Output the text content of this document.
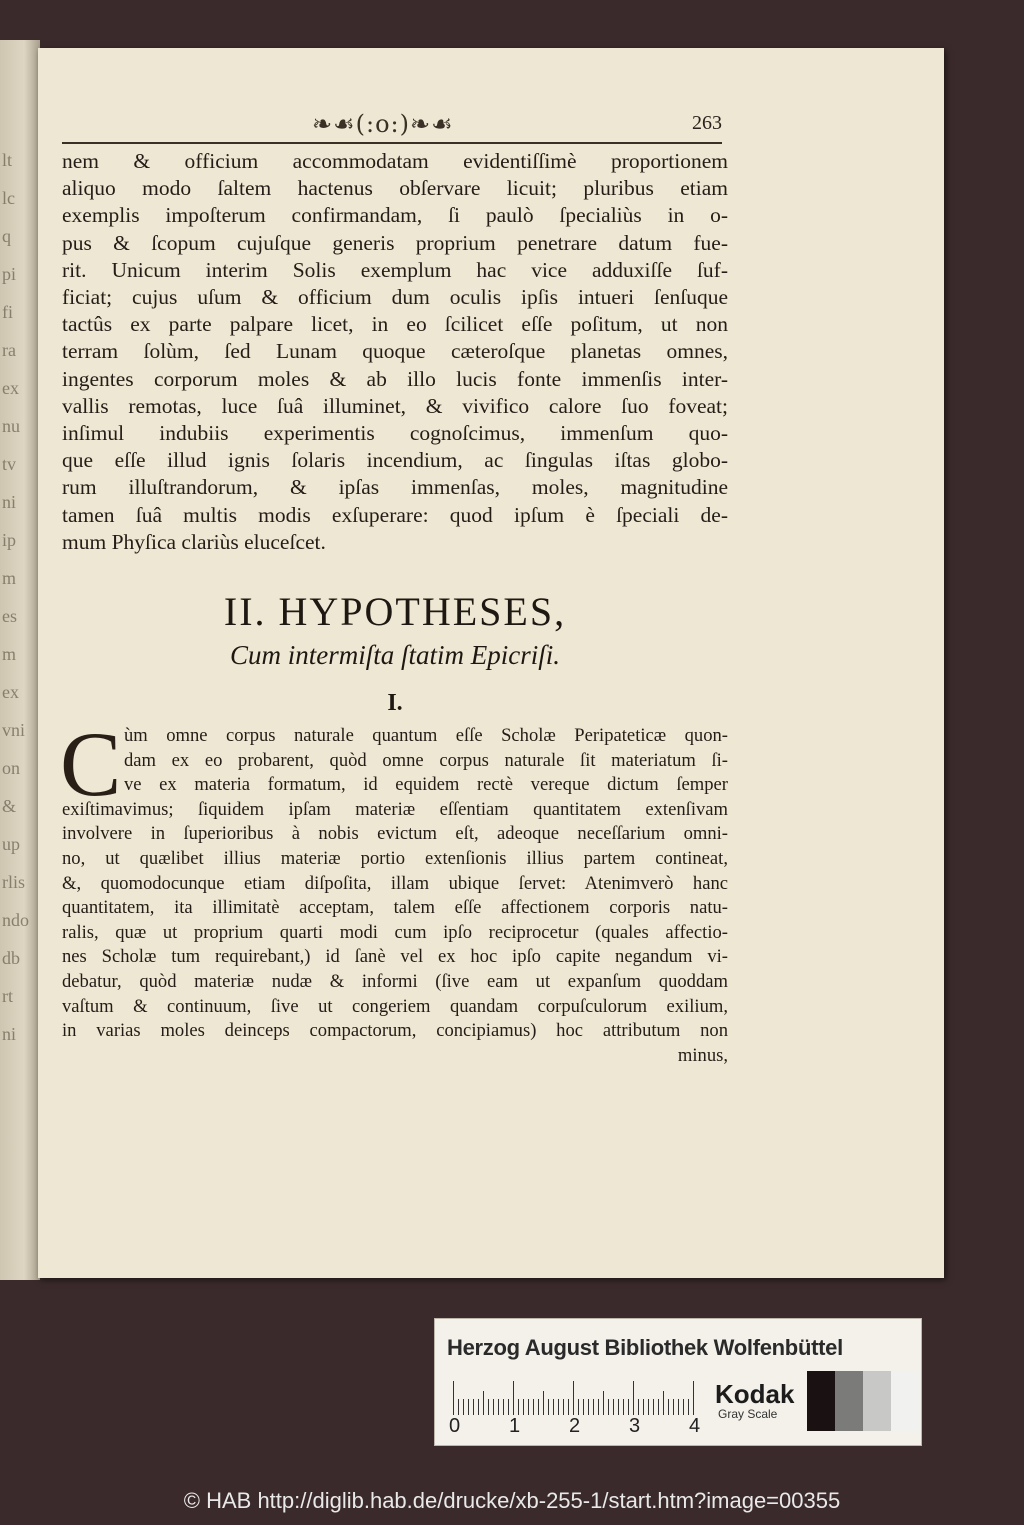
lt
lc
q
pi
fi
ra
ex
nu
tv
ni
ip
m
es
m
ex
vni
on
&
up
rlis
ndo
db
rt
ni
❧☙(:o:)❧☙	263
nem & officium accommodatam evidentiſſimè proportionem
aliquo modo ſaltem hactenus obſervare licuit; pluribus etiam
exemplis impoſterum confirmandam, ſi paulò ſpecialiùs in o-
pus & ſcopum cujuſque generis proprium penetrare datum fue-
rit. Unicum interim Solis exemplum hac vice adduxiſſe ſuf-
ficiat; cujus uſum & officium dum oculis ipſis intueri ſenſuque
tactûs ex parte palpare licet, in eo ſcilicet eſſe poſitum, ut non
terram ſolùm, ſed Lunam quoque cæteroſque planetas omnes,
ingentes corporum moles & ab illo lucis fonte immenſis inter-
vallis remotas, luce ſuâ illuminet, & vivifico calore ſuo foveat;
inſimul indubiis experimentis cognoſcimus, immenſum quo-
que eſſe illud ignis ſolaris incendium, ac ſingulas iſtas globo-
rum illuſtrandorum, & ipſas immenſas, moles, magnitudine
tamen ſuâ multis modis exſuperare: quod ipſum è ſpeciali de-
mum Phyſica clariùs eluceſcet.
II. HYPOTHESES,
Cum intermiſta ſtatim Epicriſi.
I.
C ùm omne corpus naturale quantum eſſe Scholæ Peripateticæ quon-
dam ex eo probarent, quòd omne corpus naturale ſit materiatum ſi-
ve ex materia formatum, id equidem rectè vereque dictum ſemper
exiſtimavimus; ſiquidem ipſam materiæ eſſentiam quantitatem extenſivam
involvere in ſuperioribus à nobis evictum eſt, adeoque neceſſarium omni-
no, ut quælibet illius materiæ portio extenſionis illius partem contineat,
&, quomodocunque etiam diſpoſita, illam ubique ſervet: Atenimverò hanc
quantitatem, ita illimitatè acceptam, talem eſſe affectionem corporis natu-
ralis, quæ ut proprium quarti modi cum ipſo reciprocetur (quales affectio-
nes Scholæ tum requirebant,) id ſanè vel ex hoc ipſo capite negandum vi-
debatur, quòd materiæ nudæ & informi (ſive eam ut expanſum quoddam
vaſtum & continuum, ſive ut congeriem quandam corpuſculorum exilium,
in varias moles deinceps compactorum, concipiamus) hoc attributum non
minus,
Herzog August Bibliothek Wolfenbüttel
0 1 2 3 4
Kodak
Gray Scale
© HAB http://diglib.hab.de/drucke/xb-255-1/start.htm?image=00355
